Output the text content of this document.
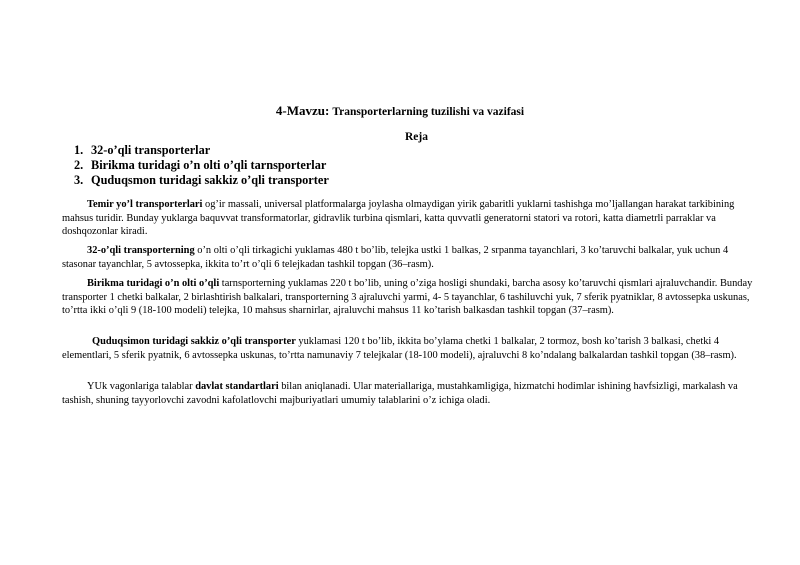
4-Mavzu: Transporterlarning tuzilishi va vazifasi
Reja
1. 32-o’qli transporterlar
2. Birikma turidagi o’n olti o’qli tarnsporterlar
3. Quduqsmon turidagi sakkiz o’qli transporter

Temir yo’l transporterlari og’ir massali, universal platformalarga joylasha olmaydigan yirik gabaritli yuklarni tashishga mo’ljallangan harakat tarkibining mahsus turidir. Bunday yuklarga baquvvat transformatorlar, gidravlik turbina qismlari, katta quvvatli generatorni statori va rotori, katta diametrli parraklar va doshqozonlar kiradi.

32-o’qli transporterning o’n olti o’qli tirkagichi yuklamas 480 t bo’lib, telejka ustki 1 balkas, 2 srpanma tayanchlari, 3 ko’taruvchi balkalar, yuk uchun 4 stasonar tayanchlar, 5 avtossepka, ikkita to’rt o’qli 6 telejkadan tashkil topgan (36–rasm).

Birikma turidagi o’n olti o’qli tarnsporterning yuklamas 220 t bo’lib, uning o’ziga hosligi shundaki, barcha asosy ko’taruvchi qismlari ajraluvchandir. Bunday transporter 1 chetki balkalar, 2 birlashtirish balkalari, transporterning 3 ajraluvchi yarmi, 4- 5 tayanchlar, 6 tashiluvchi yuk, 7 sferik pyatniklar, 8 avtossepka uskunas, to’rtta ikki o’qli 9 (18-100 modeli) telejka, 10 mahsus sharnirlar, ajraluvchi mahsus 11 ko’tarish balkasdan tashkil topgan (37–rasm).

Quduqsimon turidagi sakkiz o’qli transporter yuklamasi 120 t bo’lib, ikkita bo’ylama chetki 1 balkalar, 2 tormoz, bosh ko’tarish 3 balkasi, chetki 4 elementlari, 5 sferik pyatnik, 6 avtossepka uskunas, to’rtta namunaviy 7 telejkalar (18-100 modeli), ajraluvchi 8 ko’ndalang balkalardan tashkil topgan (38–rasm).

YUk vagonlariga talablar davlat standartlari bilan aniqlanadi. Ular materiallariga, mustahkamligiga, hizmatchi hodimlar ishining havfsizligi, markalash va tashish, shuning tayyorlovchi zavodni kafolatlovchi majburiyatlari umumiy talablarini o’z ichiga oladi.
